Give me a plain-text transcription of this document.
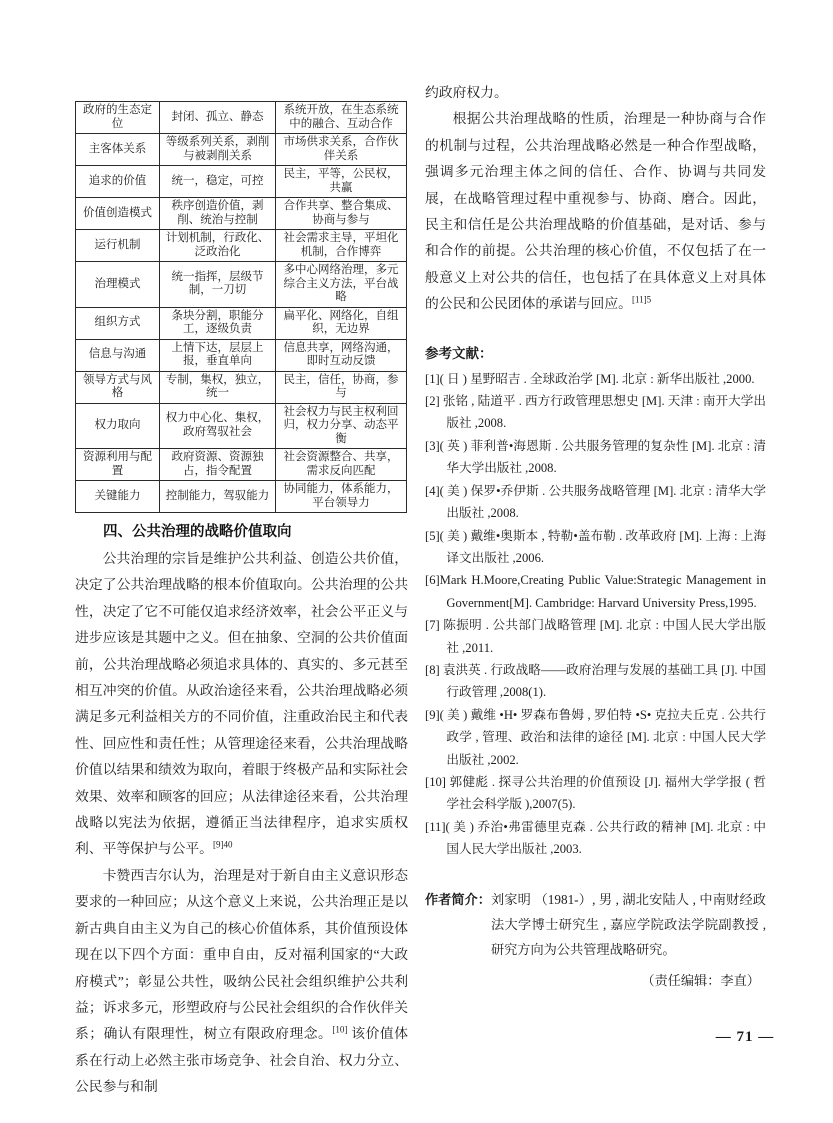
政府的生态定位	封闭、孤立、静态	系统开放，在生态系统中的融合、互动合作
主客体关系	等级系列关系，剥削与被剥削关系	市场供求关系，合作伙伴关系
追求的价值	统一，稳定，可控	民主，平等，公民权，共赢
价值创造模式	秩序创造价值，剥削、统治与控制	合作共享、整合集成、协商与参与
运行机制	计划机制，行政化、泛政治化	社会需求主导，平坦化机制，合作博弈
治理模式	统一指挥，层级节制，一刀切	多中心网络治理，多元综合主义方法，平台战略
组织方式	条块分割，职能分工，逐级负责	扁平化、网络化，自组织，无边界
信息与沟通	上情下达，层层上报，垂直单向	信息共享，网络沟通，即时互动反馈
领导方式与风格	专制，集权，独立，统一	民主，信任，协商，参与
权力取向	权力中心化、集权，政府驾驭社会	社会权力与民主权利回归，权力分享、动态平衡
资源利用与配置	政府资源、资源独占，指令配置	社会资源整合、共享，需求反向匹配
关键能力	控制能力，驾驭能力	协同能力，体系能力，平台领导力
四、公共治理的战略价值取向

公共治理的宗旨是维护公共利益、创造公共价值，决定了公共治理战略的根本价值取向。公共治理的公共性，决定了它不可能仅追求经济效率，社会公平正义与进步应该是其题中之义。但在抽象、空洞的公共价值面前，公共治理战略必须追求具体的、真实的、多元甚至相互冲突的价值。从政治途径来看，公共治理战略必须满足多元利益相关方的不同价值，注重政治民主和代表性、回应性和责任性；从管理途径来看，公共治理战略价值以结果和绩效为取向，着眼于终极产品和实际社会效果、效率和顾客的回应；从法律途径来看，公共治理战略以宪法为依据，遵循正当法律程序，追求实质权利、平等保护与公平。$^{[9]40}$

卡赞西吉尔认为，治理是对于新自由主义意识形态要求的一种回应；从这个意义上来说，公共治理正是以新古典自由主义为自己的核心价值体系，其价值预设体现在以下四个方面：重申自由，反对福利国家的“大政府模式”；彰显公共性，吸纳公民社会组织维护公共利益；诉求多元，形塑政府与公民社会组织的合作伙伴关系；确认有限理性，树立有限政府理念。[10] 该价值体系在行动上必然主张市场竞争、社会自治、权力分立、公民参与和制

约政府权力。

根据公共治理战略的性质，治理是一种协商与合作的机制与过程，公共治理战略必然是一种合作型战略，强调多元治理主体之间的信任、合作、协调与共同发展，在战略管理过程中重视参与、协商、磨合。因此，民主和信任是公共治理战略的价值基础，是对话、参与和合作的前提。公共治理的核心价值，不仅包括了在一般意义上对公共的信任，也包括了在具体意义上对具体的公民和公民团体的承诺与回应。$^{[11]5}$

参考文献：
[1]( 日 ) 星野昭吉 . 全球政治学 [M]. 北京 : 新华出版社 ,2000.
[2] 张铭 , 陆道平 . 西方行政管理思想史 [M]. 天津 : 南开大学出版社 ,2008.
[3]( 英 ) 菲利普•海恩斯 . 公共服务管理的复杂性 [M]. 北京 : 清华大学出版社 ,2008.
[4]( 美 ) 保罗•乔伊斯 . 公共服务战略管理 [M]. 北京 : 清华大学出版社 ,2008.
[5]( 美 ) 戴维•奥斯本 , 特勒•盖布勒 . 改革政府 [M]. 上海 : 上海译文出版社 ,2006.
[6]Mark H.Moore,Creating Public Value:Strategic Management in Government[M]. Cambridge: Harvard University Press,1995.
[7] 陈振明 . 公共部门战略管理 [M]. 北京 : 中国人民大学出版社 ,2011.
[8] 袁洪英 . 行政战略——政府治理与发展的基础工具 [J]. 中国行政管理 ,2008(1).
[9]( 美 ) 戴维 •H• 罗森布鲁姆 , 罗伯特 •S• 克拉夫丘克 . 公共行政学 , 管理、政治和法律的途径 [M]. 北京 : 中国人民大学出版社 ,2002.
[10] 郭健彪 . 探寻公共治理的价值预设 [J]. 福州大学学报 ( 哲学社会科学版 ),2007(5).
[11]( 美 ) 乔治•弗雷德里克森 . 公共行政的精神 [M]. 北京 : 中国人民大学出版社 ,2003.
作者简介： 刘家明 （1981-）, 男 , 湖北安陆人 , 中南财经政法大学博士研究生 , 嘉应学院政法学院副教授 , 研究方向为公共管理战略研究。
（责任编辑：李直）
— 71 —
